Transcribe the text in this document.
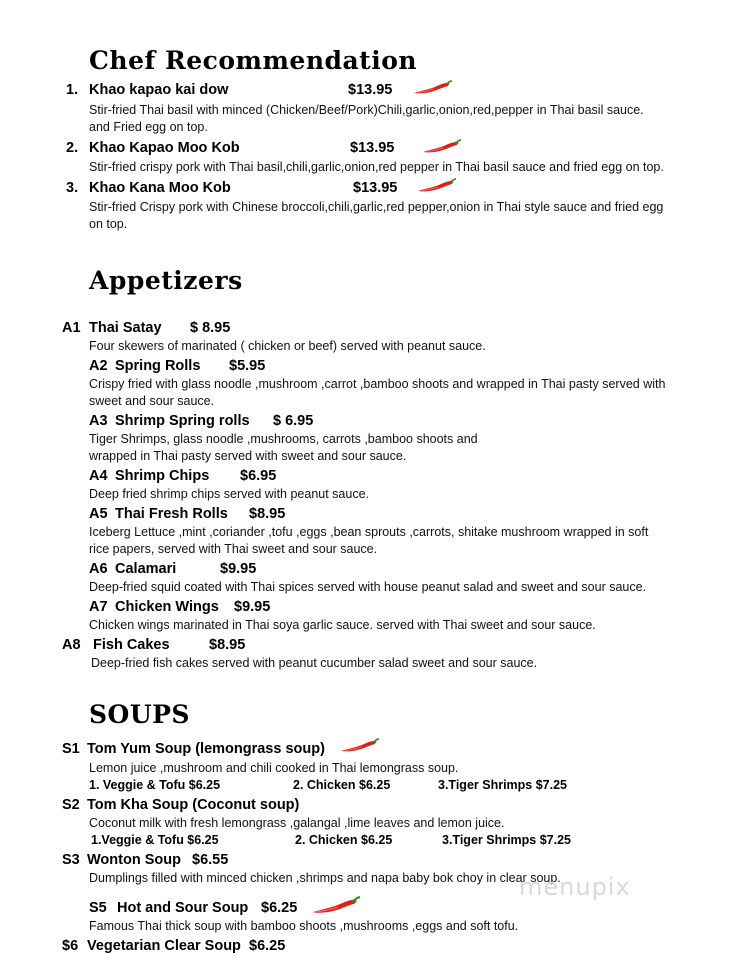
Chef Recommendation
1. Khao kapao kai dow	$13.95
Stir-fried Thai basil with minced (Chicken/Beef/Pork)Chili,garlic,onion,red,pepper in Thai basil sauce.
and Fried egg on top.
2. Khao Kapao Moo Kob	$13.95
Stir-fried crispy pork with Thai basil,chili,garlic,onion,red pepper in Thai basil sauce and fried egg on top.
3. Khao Kana Moo Kob	$13.95
Stir-fried Crispy pork with Chinese broccoli,chili,garlic,red pepper,onion in Thai style sauce and fried egg
on top.
Appetizers
A1 Thai Satay $ 8.95
Four skewers of marinated ( chicken or beef) served with peanut sauce.
A2 Spring Rolls $5.95
Crispy fried with glass noodle ,mushroom ,carrot ,bamboo shoots and wrapped in Thai pasty served with
sweet and sour sauce.
A3 Shrimp Spring rolls $ 6.95
Tiger Shrimps, glass noodle ,mushrooms, carrots ,bamboo shoots and
wrapped in Thai pasty served with sweet and sour sauce.
A4 Shrimp Chips $6.95
Deep fried shrimp chips served with peanut sauce.
A5 Thai Fresh Rolls $8.95
Iceberg Lettuce ,mint ,coriander ,tofu ,eggs ,bean sprouts ,carrots, shitake mushroom wrapped in soft
rice papers, served with Thai sweet and sour sauce.
A6 Calamari	$9.95
Deep-fried squid coated with Thai spices served with house peanut salad and sweet and sour sauce.
A7 Chicken Wings $9.95
Chicken wings marinated in Thai soya garlic sauce. served with Thai sweet and sour sauce.
A8 Fish Cakes	$8.95
Deep-fried fish cakes served with peanut cucumber salad sweet and sour sauce.
SOUPS
S1 Tom Yum Soup (lemongrass soup)
Lemon juice ,mushroom and chili cooked in Thai lemongrass soup.
1. Veggie & Tofu $6.25	2. Chicken $6.25	3.Tiger Shrimps $7.25
S2 Tom Kha Soup (Coconut soup)
Coconut milk with fresh lemongrass ,galangal ,lime leaves and lemon juice.
1.Veggie & Tofu $6.25	2. Chicken $6.25	3.Tiger Shrimps $7.25
S3 Wonton Soup $6.55
Dumplings filled with minced chicken ,shrimps and napa baby bok choy in clear soup.
menupix
S5 Hot and Sour Soup $6.25
Famous Thai thick soup with bamboo shoots ,mushrooms ,eggs and soft tofu.
$6 Vegetarian Clear Soup $6.25
